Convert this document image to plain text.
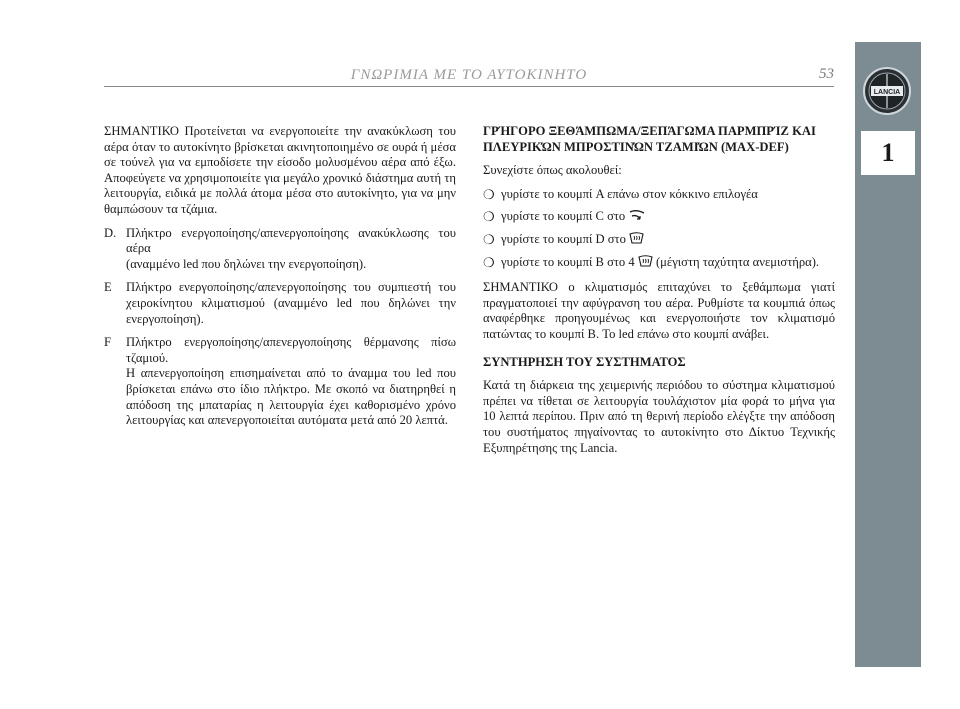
ΓΝΩΡΙΜΙΑ ΜΕ ΤΟ ΑΥΤΟΚΙΝΗΤΟ	53
LANCIA
1

ΣΗΜΑΝΤΙΚΟ Προτείνεται να ενεργοποιείτε την ανακύκλωση του αέρα όταν το αυτοκίνητο βρίσκεται ακινητοποιημένο σε ουρά ή μέσα σε τούνελ για να εμποδίσετε την είσοδο μολυσμένου αέρα από έξω. Αποφεύγετε να χρησιμοποιείτε για μεγάλο χρονικό διάστημα αυτή τη λειτουργία, ειδικά με πολλά άτομα μέσα στο αυτοκίνητο, για να μην θαμπώσουν τα τζάμια.

D. Πλήκτρο ενεργοποίησης/απενεργοποίησης ανακύκλωσης του αέρα
(αναμμένο led που δηλώνει την ενεργοποίηση).
E	Πλήκτρο ενεργοποίησης/απενεργοποίησης του συμπιεστή του χειροκίνητου κλιματισμού (αναμμένο led που δηλώνει την ενεργοποίηση).
F	Πλήκτρο ενεργοποίησης/απενεργοποίησης θέρμανσης πίσω τζαμιού.
Η απενεργοποίηση επισημαίνεται από το άναμμα του led που βρίσκεται επάνω στο ίδιο πλήκτρο. Με σκοπό να διατηρηθεί η απόδοση της μπαταρίας η λειτουργία έχει καθορισμένο χρόνο λειτουργίας και απενεργοποιείται αυτόματα μετά από 20 λεπτά.

ΓΡΉΓΟΡΟ ΞΕΘΆΜΠΩΜΑ/ΞΕΠΆΓΩΜΑ ΠΑΡΜΠΡΊΖ ΚΑΙ ΠΛΕΥΡΙΚΏΝ ΜΠΡΟΣΤΙΝΏΝ ΤΖΑΜΙΏΝ (MAX-DEF)

Συνεχίστε όπως ακολουθεί:

❍ γυρίστε το κουμπί A επάνω στον κόκκινο επιλογέα
❍ γυρίστε το κουμπί C στο
❍ γυρίστε το κουμπί D στο
❍ γυρίστε το κουμπί B στο 4 (μέγιστη ταχύτητα ανεμιστήρα).

ΣΗΜΑΝΤΙΚΟ ο κλιματισμός επιταχύνει το ξεθάμπωμα γιατί πραγματοποιεί την αφύγρανση του αέρα. Ρυθμίστε τα κουμπιά όπως αναφέρθηκε προηγουμένως και ενεργοποιήστε τον κλιματισμό πατώντας το κουμπί B. Το led επάνω στο κουμπί ανάβει.

ΣΥΝΤΗΡΗΣΗ ΤΟΥ ΣΥΣΤΗΜΑΤΟΣ

Κατά τη διάρκεια της χειμερινής περιόδου το σύστημα κλιματισμού πρέπει να τίθεται σε λειτουργία τουλάχιστον μία φορά το μήνα για 10 λεπτά περίπου. Πριν από τη θερινή περίοδο ελέγξτε την απόδοση του συστήματος πηγαίνοντας το αυτοκίνητο στο Δίκτυο Τεχνικής Εξυπηρέτησης της Lancia.
